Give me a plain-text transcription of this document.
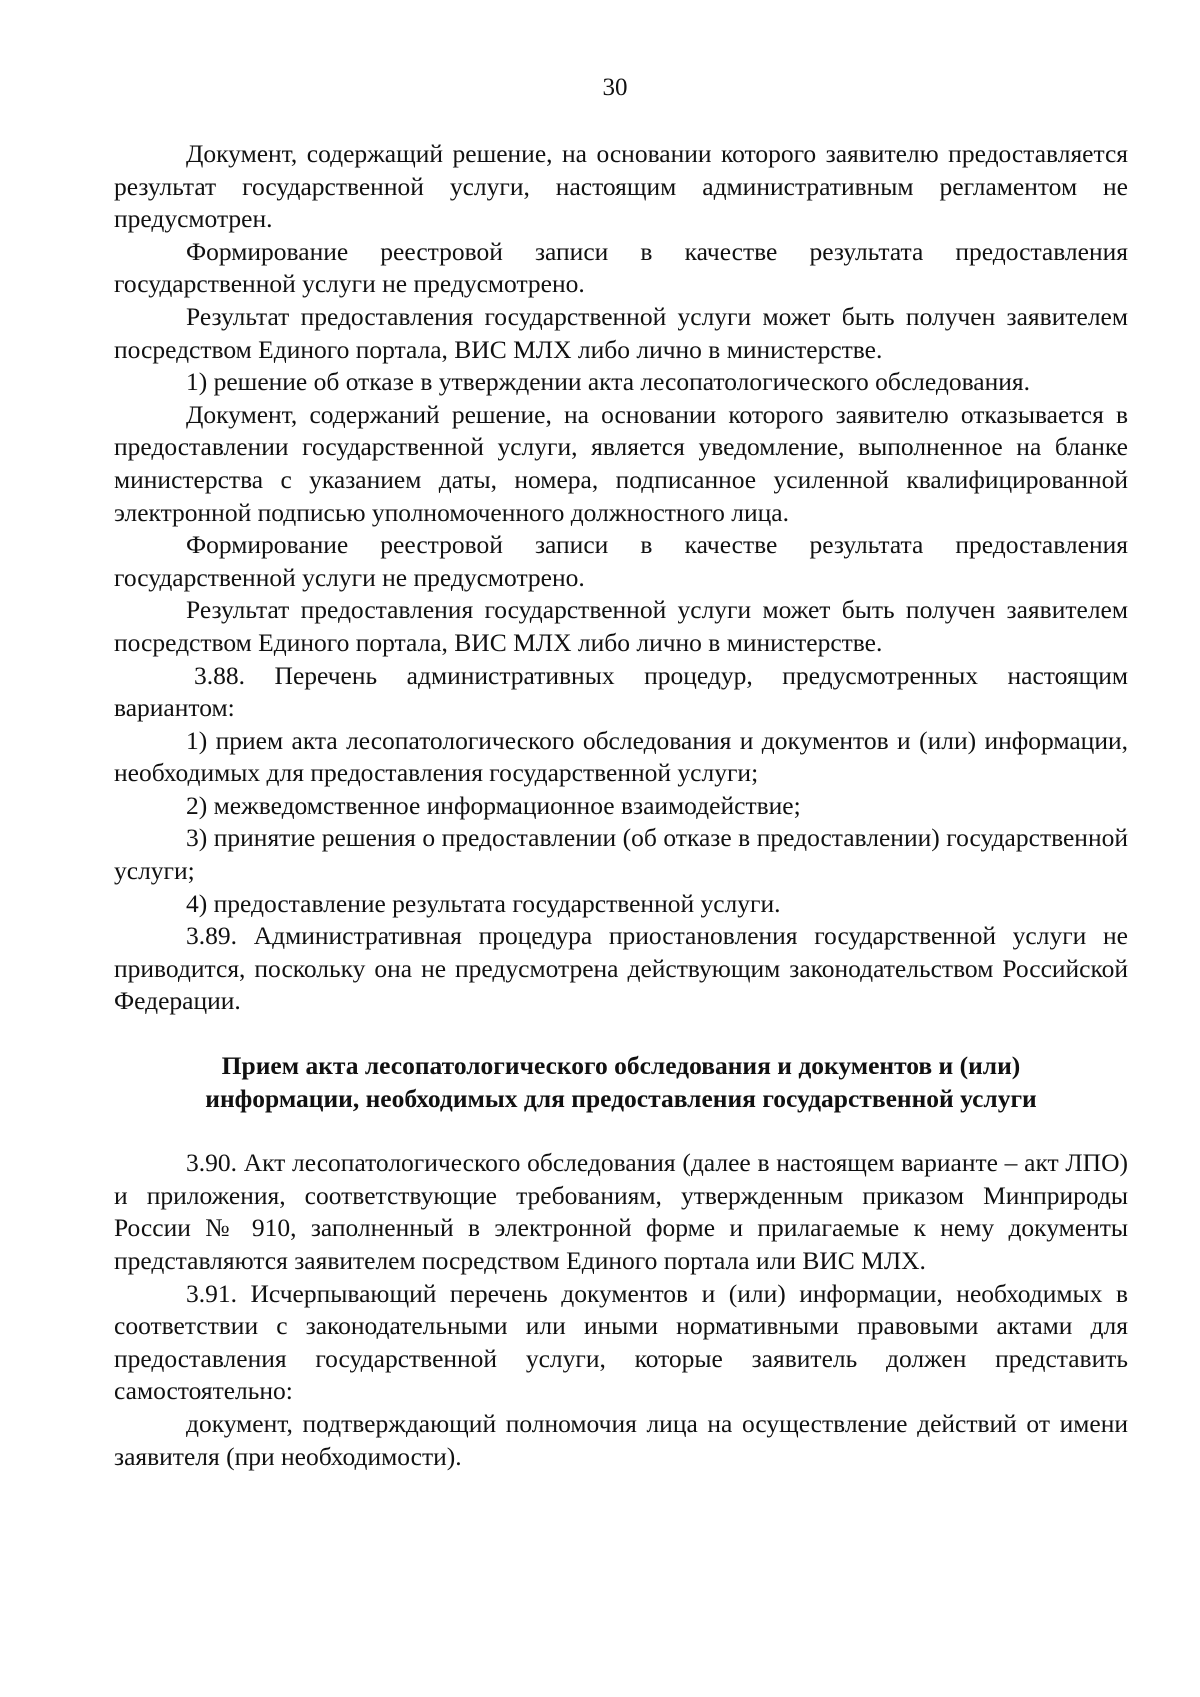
30

Документ, содержащий решение, на основании которого заявителю предоставляется результат государственной услуги, настоящим административным регламентом не предусмотрен.

Формирование реестровой записи в качестве результата предоставления государственной услуги не предусмотрено.

Результат предоставления государственной услуги может быть получен заявителем посредством Единого портала, ВИС МЛХ либо лично в министерстве.

1) решение об отказе в утверждении акта лесопатологического обследования.

Документ, содержаний решение, на основании которого заявителю отказывается в предоставлении государственной услуги, является уведомление, выполненное на бланке министерства с указанием даты, номера, подписанное усиленной квалифицированной электронной подписью уполномоченного должностного лица.

Формирование реестровой записи в качестве результата предоставления государственной услуги не предусмотрено.

Результат предоставления государственной услуги может быть получен заявителем посредством Единого портала, ВИС МЛХ либо лично в министерстве.

3.88. Перечень административных процедур, предусмотренных настоящим вариантом:

1) прием акта лесопатологического обследования и документов и (или) информации, необходимых для предоставления государственной услуги;

2) межведомственное информационное взаимодействие;

3) принятие решения о предоставлении (об отказе в предоставлении) государственной услуги;

4) предоставление результата государственной услуги.

3.89. Административная процедура приостановления государственной услуги не приводится, поскольку она не предусмотрена действующим законодательством Российской Федерации.

Прием акта лесопатологического обследования и документов и (или)
информации, необходимых для предоставления государственной услуги

3.90. Акт лесопатологического обследования (далее в настоящем варианте – акт ЛПО) и приложения, соответствующие требованиям, утвержденным приказом Минприроды России № 910, заполненный в электронной форме и прилагаемые к нему документы представляются заявителем посредством Единого портала или ВИС МЛХ.

3.91. Исчерпывающий перечень документов и (или) информации, необходимых в соответствии с законодательными или иными нормативными правовыми актами для предоставления государственной услуги, которые заявитель должен представить самостоятельно:

документ, подтверждающий полномочия лица на осуществление действий от имени заявителя (при необходимости).
